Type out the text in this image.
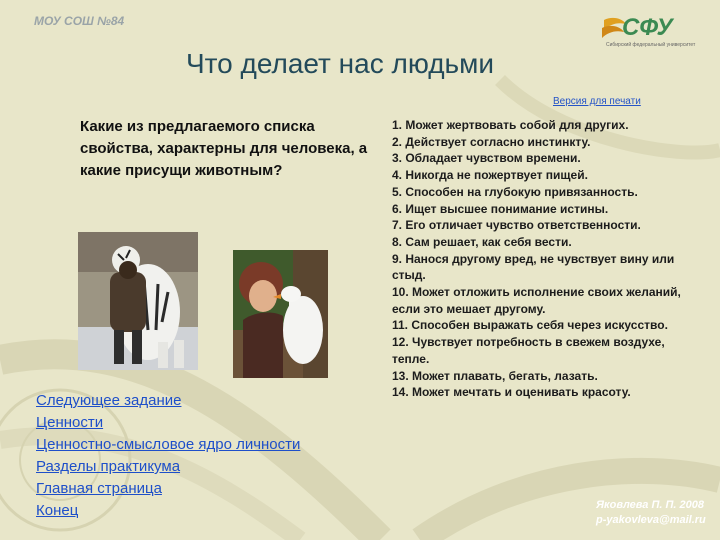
МОУ СОШ №84	СФУ
Сибирский федеральный университет
Что делает нас людьми
Версия для печати
Какие из предлагаемого списка свойства, характерны для человека, а какие присущи животным?
1. Может жертвовать собой для других.
2. Действует согласно инстинкту.
3. Обладает чувством времени.
4. Никогда не пожертвует пищей.
5. Способен на глубокую привязанность.
6. Ищет высшее понимание истины.
7. Его отличает чувство ответственности.
8. Сам решает, как себя вести.
9. Нанося другому вред, не чувствует вину или стыд.
10. Может отложить исполнение своих желаний, если это мешает другому.
11. Способен выражать себя через искусство.
12. Чувствует потребность в свежем воздухе, тепле.
13. Может плавать, бегать, лазать.
14. Может мечтать и оценивать красоту.
Следующее задание
Ценности
Ценностно-смысловое ядро личности
Разделы практикума
Главная страница
Конец	Яковлева П. П. 2008
p-yakovleva@mail.ru
